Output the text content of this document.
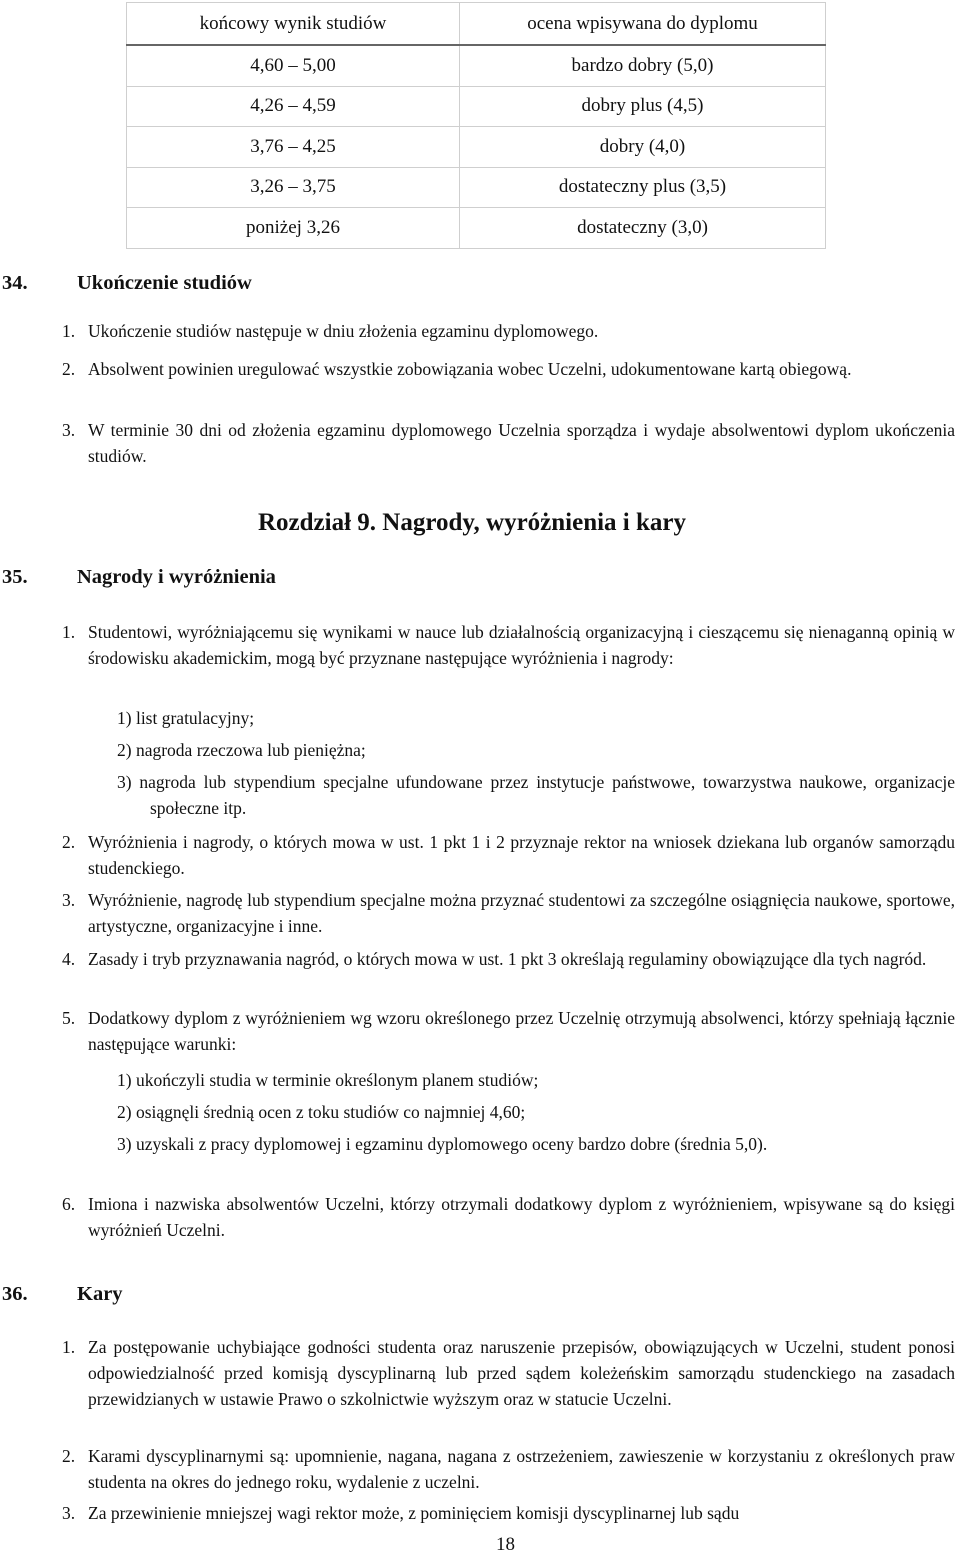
końcowy wynik studiów	ocena wpisywana do dyplomu
4,60 – 5,00	bardzo dobry (5,0)
4,26 – 4,59	dobry plus (4,5)
3,76 – 4,25	dobry (4,0)
3,26 – 3,75	dostateczny plus (3,5)
poniżej 3,26	dostateczny (3,0)
34. Ukończenie studiów
1. Ukończenie studiów następuje w dniu złożenia egzaminu dyplomowego.
2. Absolwent powinien uregulować wszystkie zobowiązania wobec Uczelni, udokumentowane kartą obiegową.
3. W terminie 30 dni od złożenia egzaminu dyplomowego Uczelnia sporządza i wydaje absolwentowi dyplom ukończenia studiów.
Rozdział 9. Nagrody, wyróżnienia i kary
35. Nagrody i wyróżnienia
1. Studentowi, wyróżniającemu się wynikami w nauce lub działalnością organizacyjną i cieszącemu się nienaganną opinią w środowisku akademickim, mogą być przyznane następujące wyróżnienia i nagrody:
1) list gratulacyjny;
2) nagroda rzeczowa lub pieniężna;
3) nagroda lub stypendium specjalne ufundowane przez instytucje państwowe, towarzystwa naukowe, organizacje społeczne itp.
2. Wyróżnienia i nagrody, o których mowa w ust. 1 pkt 1 i 2 przyznaje rektor na wniosek dziekana lub organów samorządu studenckiego.
3. Wyróżnienie, nagrodę lub stypendium specjalne można przyznać studentowi za szczególne osiągnięcia naukowe, sportowe, artystyczne, organizacyjne i inne.
4. Zasady i tryb przyznawania nagród, o których mowa w ust. 1 pkt 3 określają regulaminy obowiązujące dla tych nagród.
5. Dodatkowy dyplom z wyróżnieniem wg wzoru określonego przez Uczelnię otrzymują absolwenci, którzy spełniają łącznie następujące warunki:
1) ukończyli studia w terminie określonym planem studiów;
2) osiągnęli średnią ocen z toku studiów co najmniej 4,60;
3) uzyskali z pracy dyplomowej i egzaminu dyplomowego oceny bardzo dobre (średnia 5,0).
6. Imiona i nazwiska absolwentów Uczelni, którzy otrzymali dodatkowy dyplom z wyróżnieniem, wpisywane są do księgi wyróżnień Uczelni.
36. Kary
1. Za postępowanie uchybiające godności studenta oraz naruszenie przepisów, obowiązujących w Uczelni, student ponosi odpowiedzialność przed komisją dyscyplinarną lub przed sądem koleżeńskim samorządu studenckiego na zasadach przewidzianych w ustawie Prawo o szkolnictwie wyższym oraz w statucie Uczelni.
2. Karami dyscyplinarnymi są: upomnienie, nagana, nagana z ostrzeżeniem, zawieszenie w korzystaniu z określonych praw studenta na okres do jednego roku, wydalenie z uczelni.
3. Za przewinienie mniejszej wagi rektor może, z pominięciem komisji dyscyplinarnej lub sądu
18
